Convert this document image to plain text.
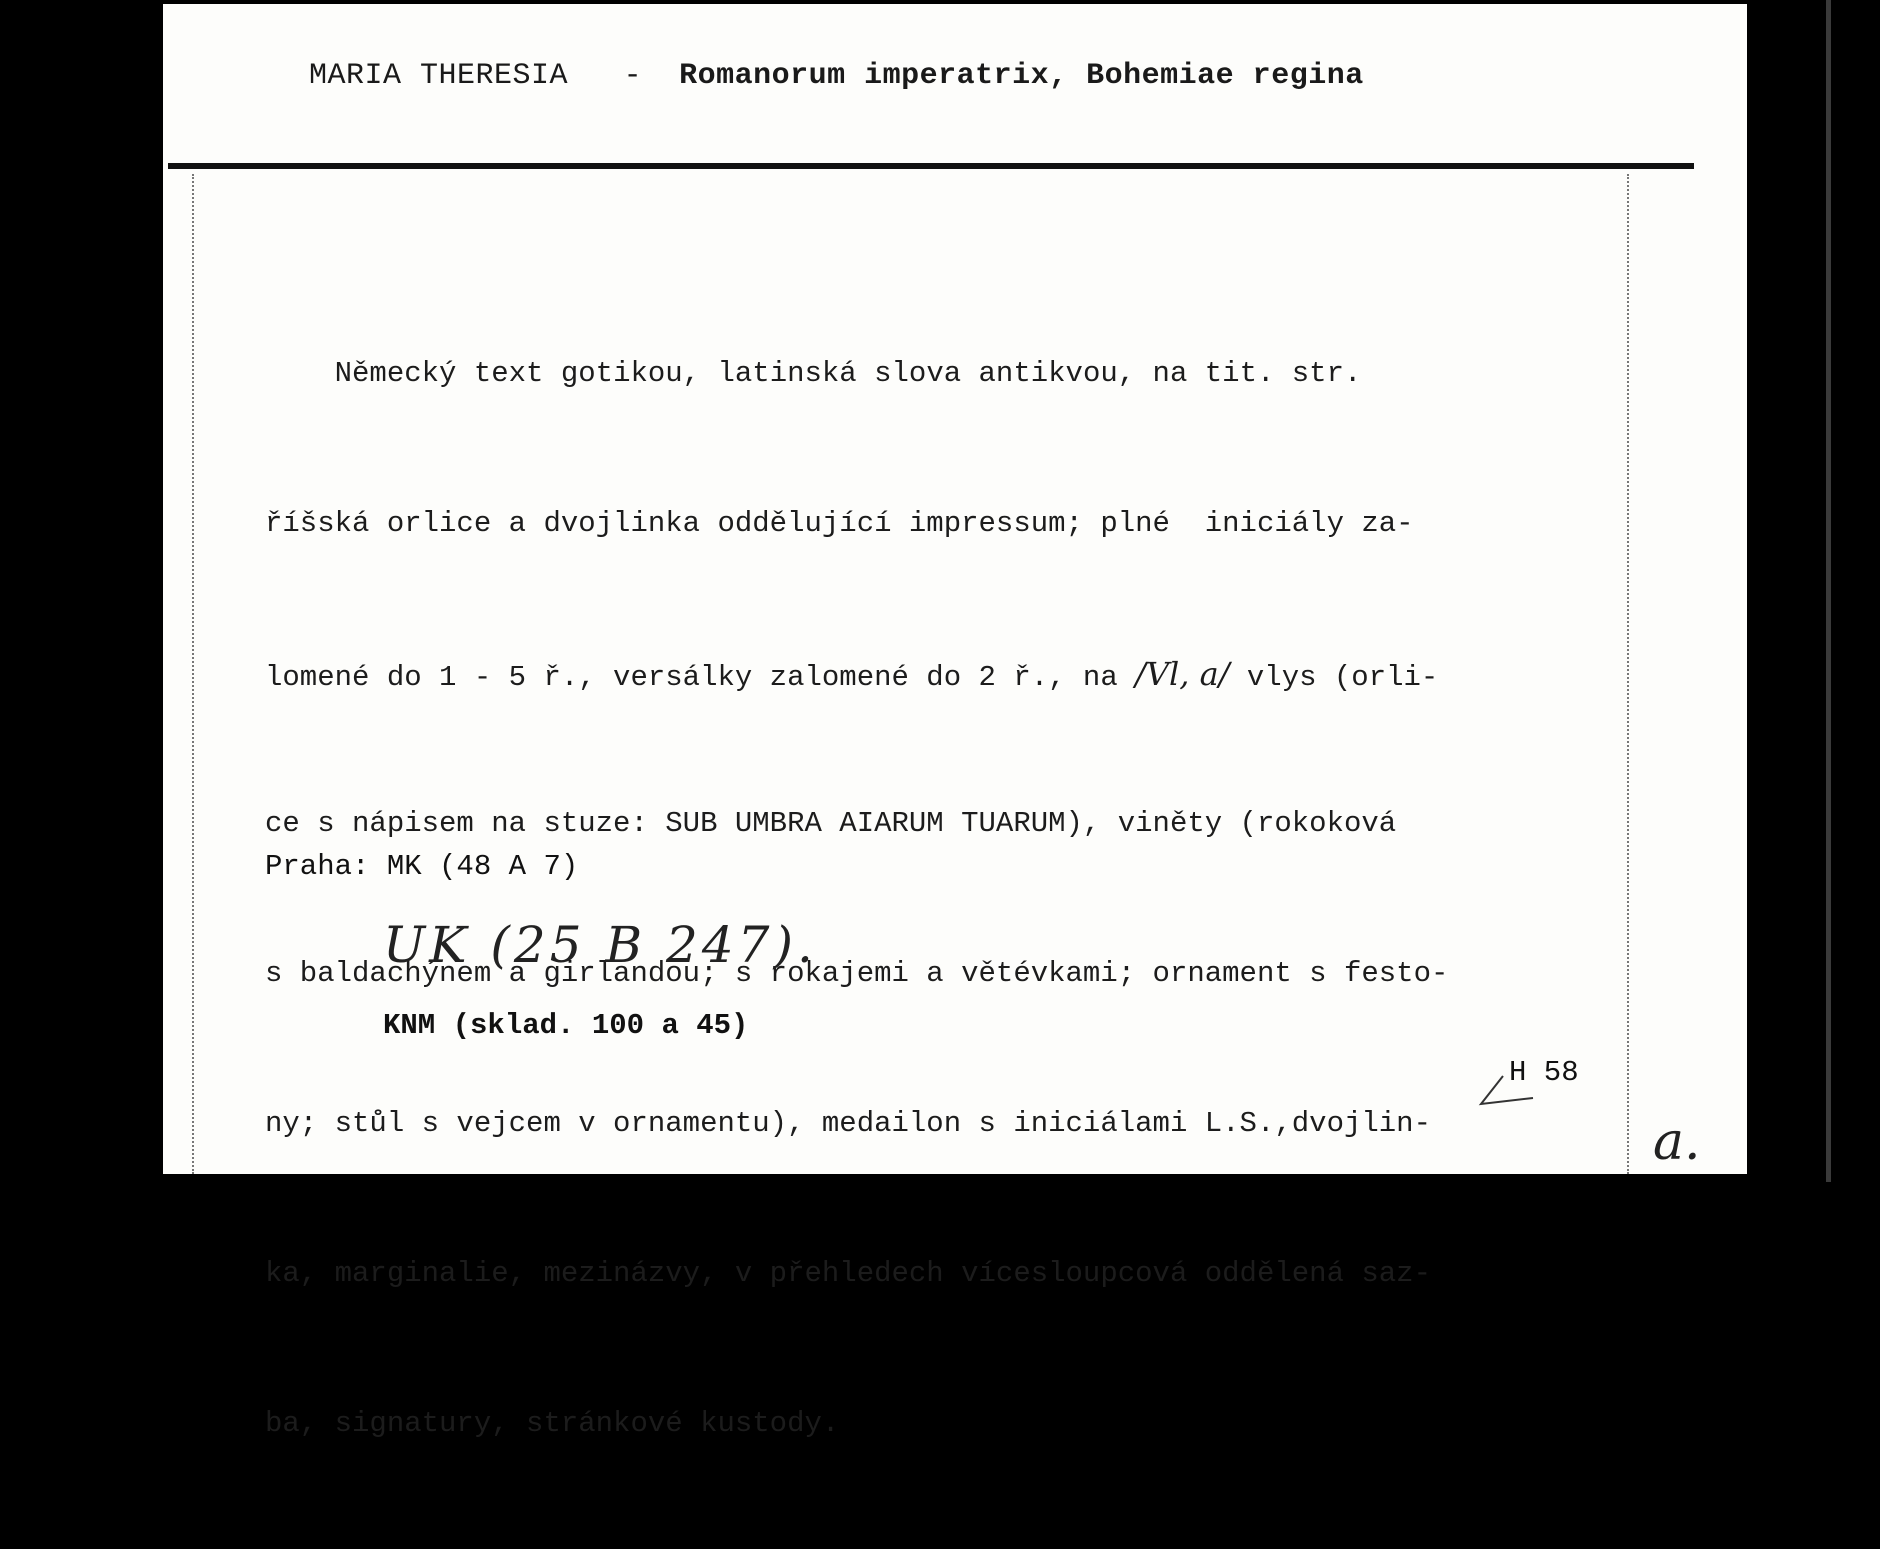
MARIA THERESIA - Romanorum imperatrix, Bohemiae regina

Německý text gotikou, latinská slova antikvou, na tit. str.

říšská orlice a dvojlinka oddělující impressum; plné  iniciály za-

lomené do 1 - 5 ř., versálky zalomené do 2 ř., na /Vl, a/ vlys (orli-

ce s nápisem na stuze: SUB UMBRA AIARUM TUARUM), viněty (rokoková

s baldachýnem a girlandou; s rokajemi a větévkami; ornament s festo-

ny; stůl s vejcem v ornamentu), medailon s iniciálami L.S.,dvojlin-

ka, marginalie, mezinázvy, v přehledech vícesloupcová oddělená saz-

ba, signatury, stránkové kustody.

Praha: MK (48 A 7)
UK (25 B 247).
KNM (sklad. 100 a 45)
H 58
a.
